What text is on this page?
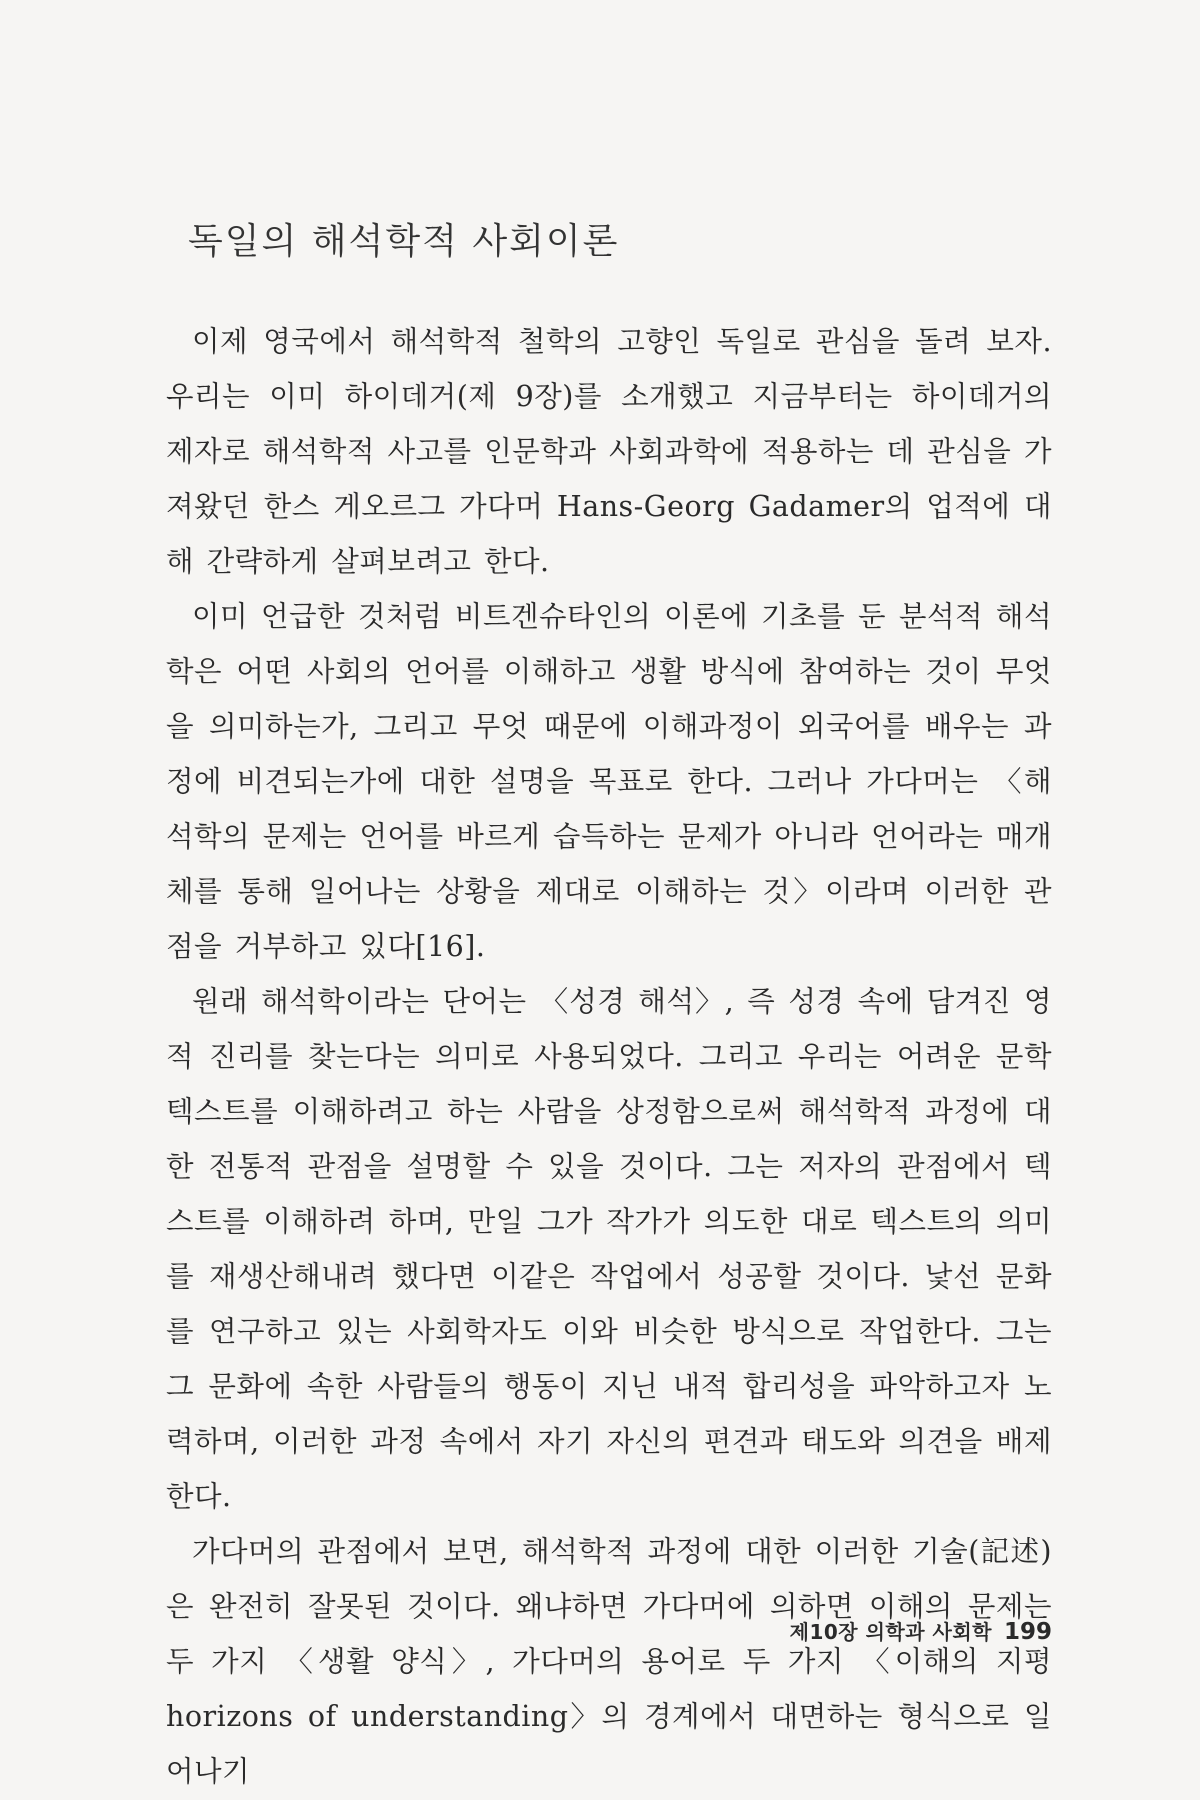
독일의 해석학적 사회이론

이제 영국에서 해석학적 철학의 고향인 독일로 관심을 돌려 보자. 우리는 이미 하이데거(제 9장)를 소개했고 지금부터는 하이데거의 제자로 해석학적 사고를 인문학과 사회과학에 적용하는 데 관심을 가져왔던 한스 게오르그 가다머 Hans-Georg Gadamer의 업적에 대해 간략하게 살펴보려고 한다.

이미 언급한 것처럼 비트겐슈타인의 이론에 기초를 둔 분석적 해석학은 어떤 사회의 언어를 이해하고 생활 방식에 참여하는 것이 무엇을 의미하는가, 그리고 무엇 때문에 이해과정이 외국어를 배우는 과정에 비견되는가에 대한 설명을 목표로 한다. 그러나 가다머는 〈해석학의 문제는 언어를 바르게 습득하는 문제가 아니라 언어라는 매개체를 통해 일어나는 상황을 제대로 이해하는 것〉이라며 이러한 관점을 거부하고 있다[16].

원래 해석학이라는 단어는 〈성경 해석〉, 즉 성경 속에 담겨진 영적 진리를 찾는다는 의미로 사용되었다. 그리고 우리는 어려운 문학 텍스트를 이해하려고 하는 사람을 상정함으로써 해석학적 과정에 대한 전통적 관점을 설명할 수 있을 것이다. 그는 저자의 관점에서 텍스트를 이해하려 하며, 만일 그가 작가가 의도한 대로 텍스트의 의미를 재생산해내려 했다면 이같은 작업에서 성공할 것이다. 낯선 문화를 연구하고 있는 사회학자도 이와 비슷한 방식으로 작업한다. 그는 그 문화에 속한 사람들의 행동이 지닌 내적 합리성을 파악하고자 노력하며, 이러한 과정 속에서 자기 자신의 편견과 태도와 의견을 배제한다.

가다머의 관점에서 보면, 해석학적 과정에 대한 이러한 기술(記述)은 완전히 잘못된 것이다. 왜냐하면 가다머에 의하면 이해의 문제는 두 가지 〈생활 양식〉, 가다머의 용어로 두 가지 〈이해의 지평 horizons of understanding〉의 경계에서 대면하는 형식으로 일어나기

제10장 의학과 사회학 199
